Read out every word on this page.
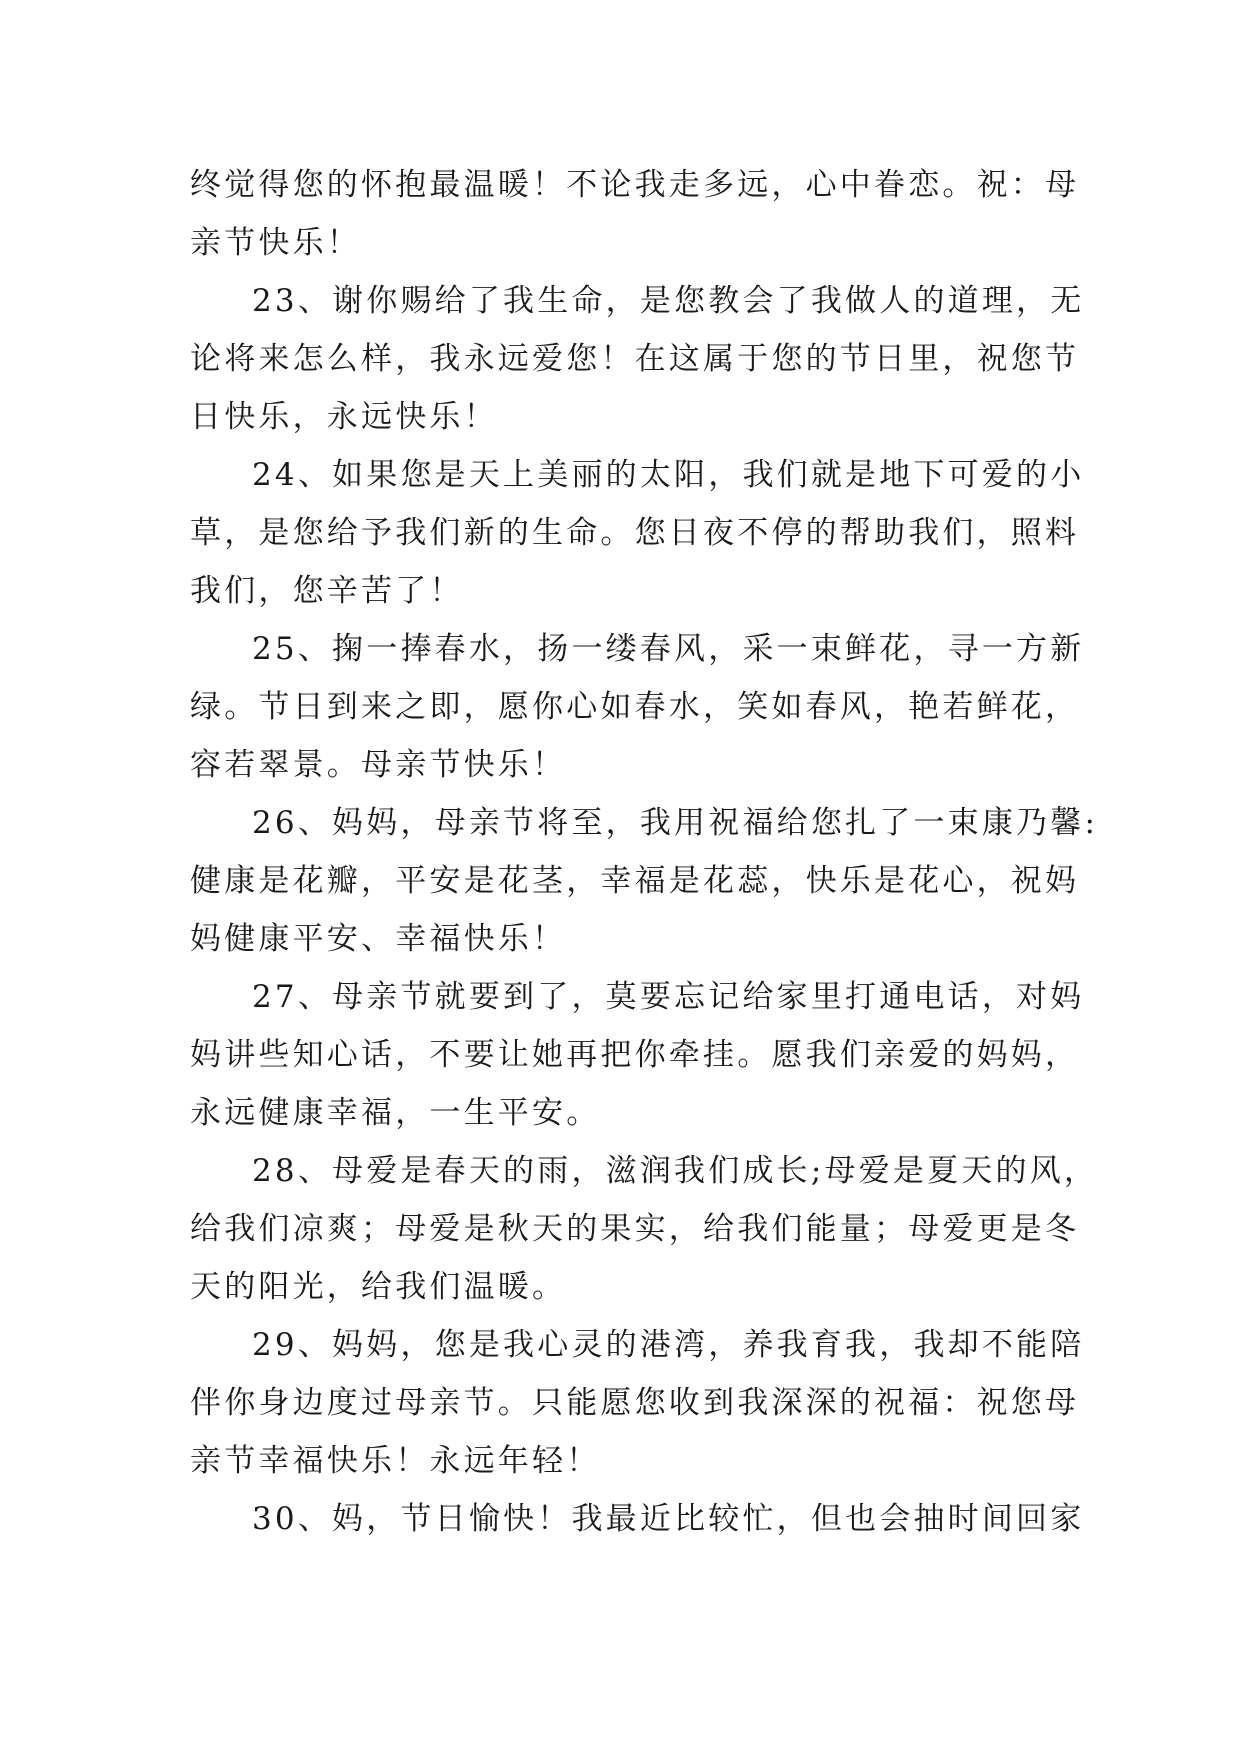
终觉得您的怀抱最温暖！不论我走多远，心中眷恋。祝：母
亲节快乐！
23、谢你赐给了我生命，是您教会了我做人的道理，无
论将来怎么样，我永远爱您！在这属于您的节日里，祝您节
日快乐，永远快乐！
24、如果您是天上美丽的太阳，我们就是地下可爱的小
草，是您给予我们新的生命。您日夜不停的帮助我们，照料
我们，您辛苦了！
25、掬一捧春水，扬一缕春风，采一束鲜花，寻一方新
绿。节日到来之即，愿你心如春水，笑如春风，艳若鲜花，
容若翠景。母亲节快乐！
26、妈妈，母亲节将至，我用祝福给您扎了一束康乃馨:
健康是花瓣，平安是花茎，幸福是花蕊，快乐是花心，祝妈
妈健康平安、幸福快乐！
27、母亲节就要到了，莫要忘记给家里打通电话，对妈
妈讲些知心话，不要让她再把你牵挂。愿我们亲爱的妈妈，
永远健康幸福，一生平安。
28、母爱是春天的雨，滋润我们成长;母爱是夏天的风，
给我们凉爽；母爱是秋天的果实，给我们能量；母爱更是冬
天的阳光，给我们温暖。
29、妈妈，您是我心灵的港湾，养我育我，我却不能陪
伴你身边度过母亲节。只能愿您收到我深深的祝福：祝您母
亲节幸福快乐！永远年轻！
30、妈，节日愉快！我最近比较忙，但也会抽时间回家
